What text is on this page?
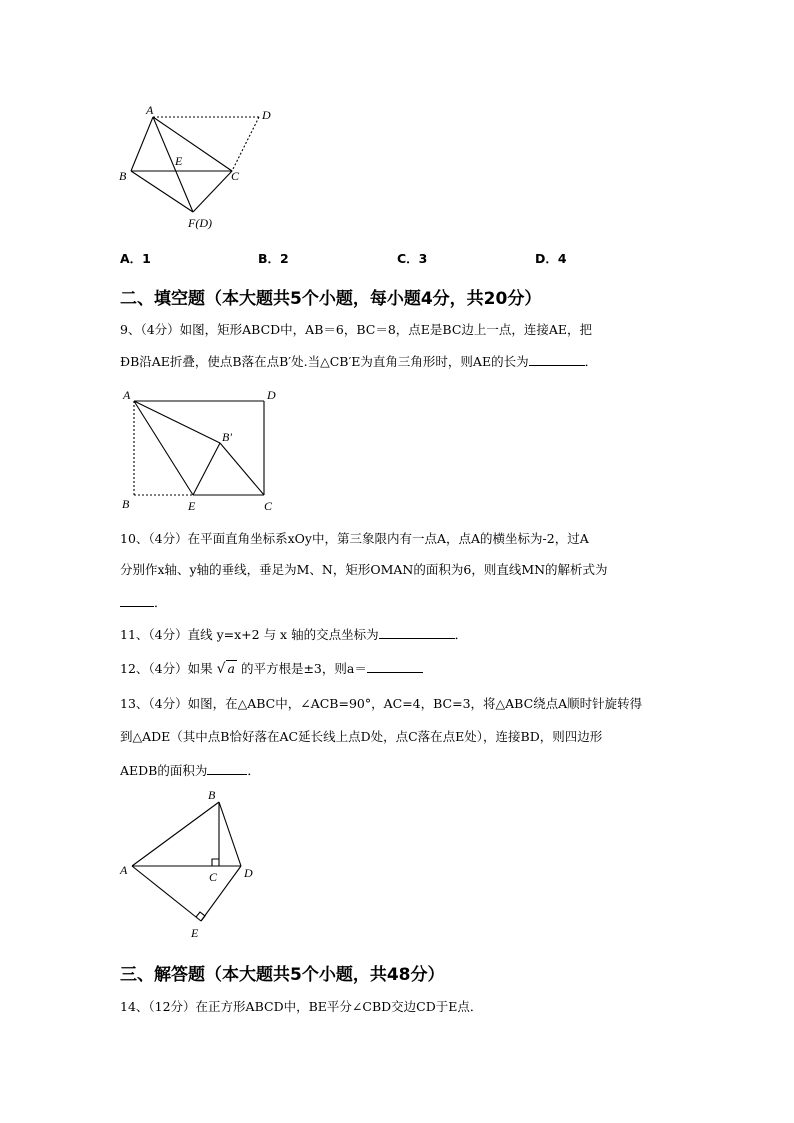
A	D
E
B	C
F(D)
A．1	B．2	C．3	D．4
二、填空题（本大题共5个小题，每小题4分，共20分）
9、（4分）如图，矩形ABCD中，AB＝6，BC＝8，点E是BC边上一点，连接AE，把
ÐB沿AE折叠，使点B落在点B′处.当△CB′E为直角三角形时，则AE的长为	．
A	D
B'
B	E	C
10、（4分）在平面直角坐标系xOy中，第三象限内有一点A，点A的横坐标为-2，过A
分别作x轴、y轴的垂线，垂足为M、N，矩形OMAN的面积为6，则直线MN的解析式为
．
11、（4分）直线 y=x+2 与 x 轴的交点坐标为	．
12、（4分）如果 √ a 的平方根是±3，则a＝
13、（4分）如图，在△ABC中，∠ACB=90°，AC=4，BC=3，将△ABC绕点A顺时针旋转得
到△ADE（其中点B恰好落在AC延长线上点D处，点C落在点E处），连接BD，则四边形
AEDB的面积为	．
B
A	C D
E
三、解答题（本大题共5个小题，共48分）
14、（12分）在正方形ABCD中，BE平分∠CBD交边CD于E点．
